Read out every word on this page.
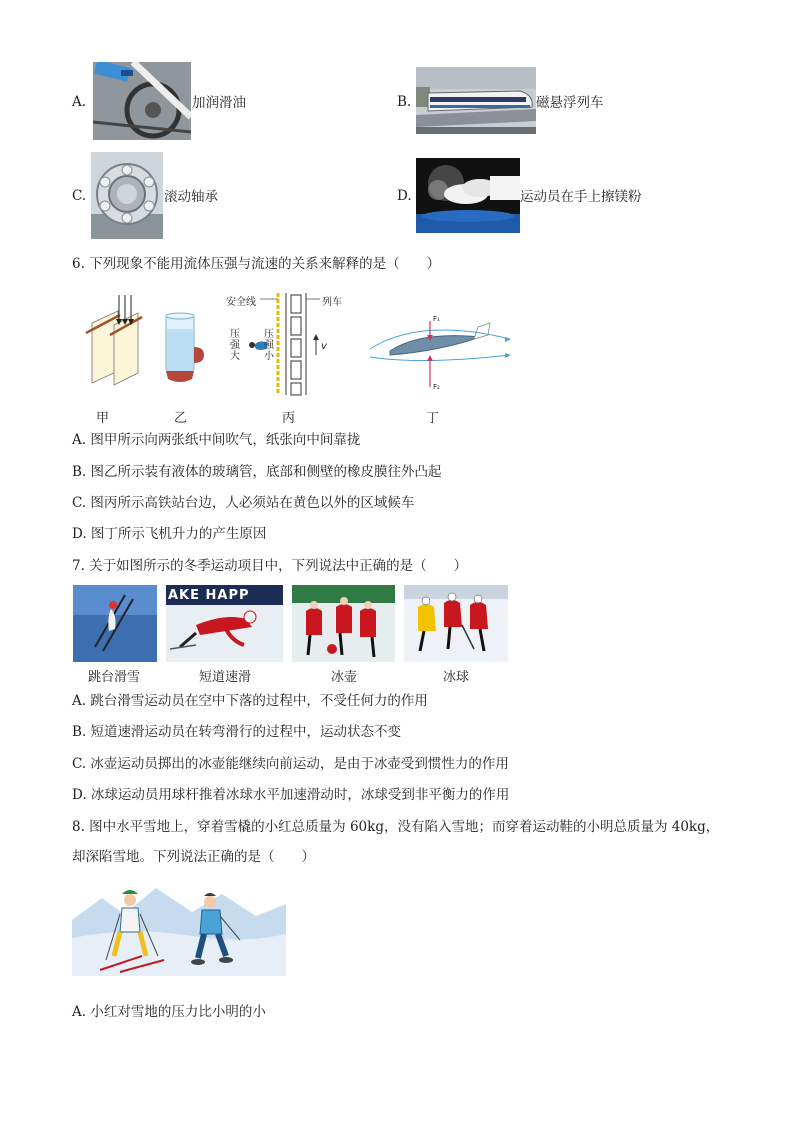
A.	加润滑油	B.	磁悬浮列车
C.	滚动轴承	D.	运动员在手上擦镁粉
6. 下列现象不能用流体压强与流速的关系来解释的是（　　）
安全线	列车
压
强
大
压
强
小
v
F₁
F₂
甲	乙	丙	丁
A. 图甲所示向两张纸中间吹气，纸张向中间靠拢
B. 图乙所示装有液体的玻璃管，底部和侧壁的橡皮膜往外凸起
C. 图丙所示高铁站台边，人必须站在黄色以外的区域候车
D. 图丁所示飞机升力的产生原因
7. 关于如图所示的冬季运动项目中，下列说法中正确的是（　　）
AKE HAPP
跳台滑雪	短道速滑	冰壶	冰球
A. 跳台滑雪运动员在空中下落的过程中，不受任何力的作用
B. 短道速滑运动员在转弯滑行的过程中，运动状态不变
C. 冰壶运动员掷出的冰壶能继续向前运动，是由于冰壶受到惯性力的作用
D. 冰球运动员用球杆推着冰球水平加速滑动时，冰球受到非平衡力的作用
8. 图中水平雪地上，穿着雪橇的小红总质量为 60kg，没有陷入雪地；而穿着运动鞋的小明总质量为 40kg，
却深陷雪地。下列说法正确的是（　　）
A. 小红对雪地的压力比小明的小
